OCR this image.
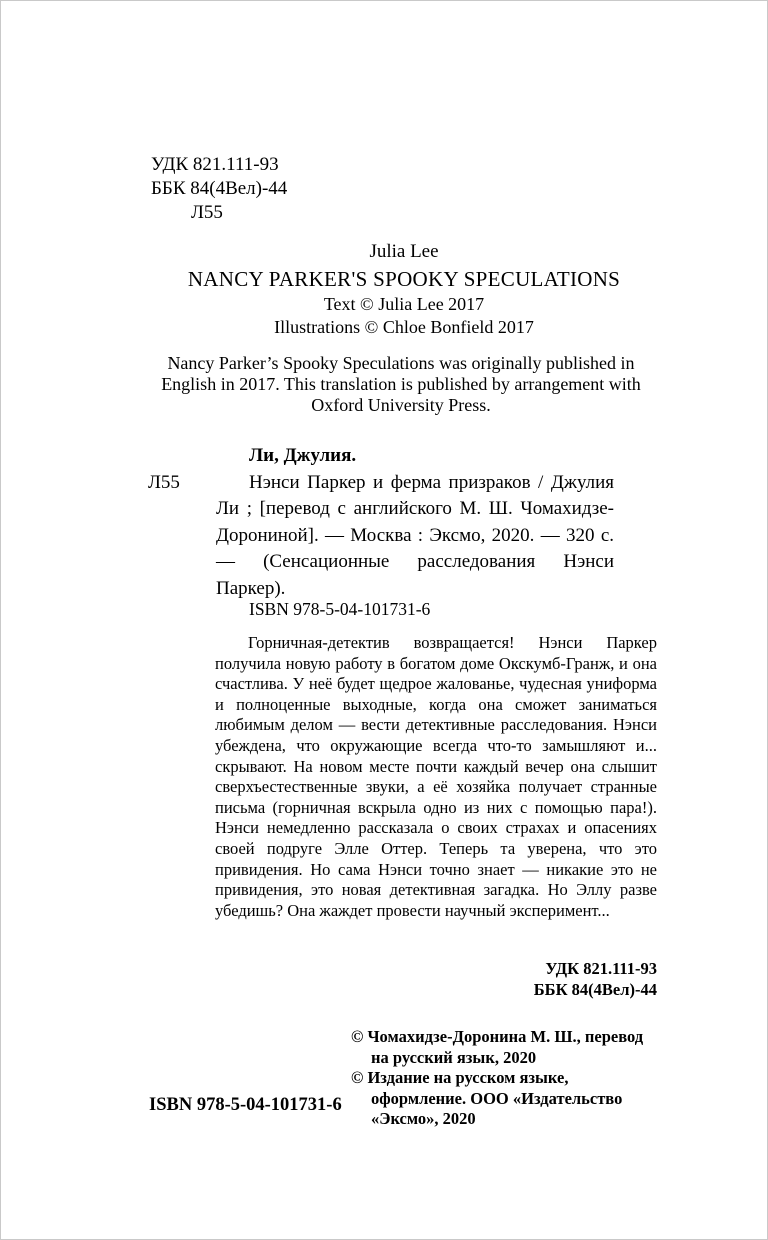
УДК 821.111-93
ББК 84(4Вел)-44
Л55
Julia Lee
NANCY PARKER'S SPOOKY SPECULATIONS
Text © Julia Lee 2017
Illustrations © Chloe Bonfield 2017
Nancy Parker’s Spooky Speculations was originally published in English in 2017. This translation is published by arrangement with Oxford University Press.
Ли, Джулия.
Л55	Нэнси Паркер и ферма призраков / Джулия Ли ; [перевод с английского М. Ш. Чомахидзе-Дорониной]. — Москва : Эксмо, 2020. — 320 с. — (Сенсационные расследования Нэнси Паркер).
ISBN 978-5-04-101731-6
Горничная-детектив возвращается! Нэнси Паркер получила новую работу в богатом доме Окскумб-Гранж, и она счастлива. У неё будет щедрое жалованье, чудесная униформа и полноценные выходные, когда она сможет заниматься любимым делом — вести детективные расследования. Нэнси убеждена, что окружающие всегда что-то замышляют и... скрывают. На новом месте почти каждый вечер она слышит сверхъестественные звуки, а её хозяйка получает странные письма (горничная вскрыла одно из них с помощью пара!). Нэнси немедленно рассказала о своих страхах и опасениях своей подруге Элле Оттер. Теперь та уверена, что это привидения. Но сама Нэнси точно знает — никакие это не привидения, это новая детективная загадка. Но Эллу разве убедишь? Она жаждет провести научный эксперимент...
УДК 821.111-93
ББК 84(4Вел)-44
© Чомахидзе-Доронина М. Ш., перевод на русский язык, 2020
© Издание на русском языке, оформление. ООО «Издательство «Эксмо», 2020
ISBN 978-5-04-101731-6
